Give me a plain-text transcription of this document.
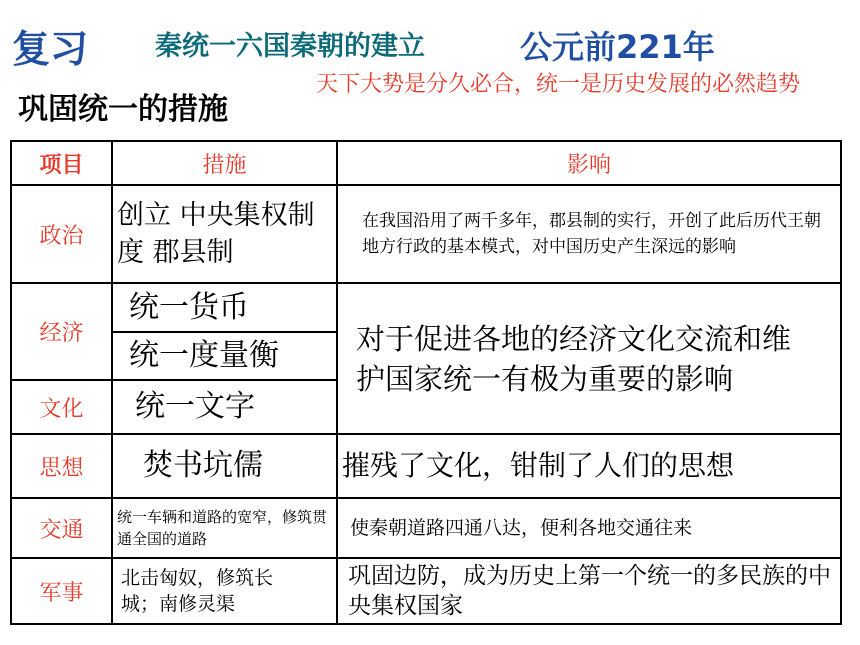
复习 秦统一六国秦朝的建立	公元前221年
巩固统一的措施
天下大势是分久必合，统一是历史发展的必然趋势
项目	措施	影响
政治	创立 中央集权制度 郡县制	在我国沿用了两千多年，郡县制的实行，开创了此后历代王朝地方行政的基本模式，对中国历史产生深远的影响

经济	统一货币	对于促进各地的经济文化交流和维护国家统一有极为重要的影响

	统一度量衡	

文化	统一文字	

思想	焚书坑儒	摧残了文化，钳制了人们的思想

交通	统一车辆和道路的宽窄，修筑贯通全国的道路	使秦朝道路四通八达，便利各地交通往来

军事	北击匈奴，修筑长城；南修灵渠	巩固边防，成为历史上第一个统一的多民族的中央集权国家
